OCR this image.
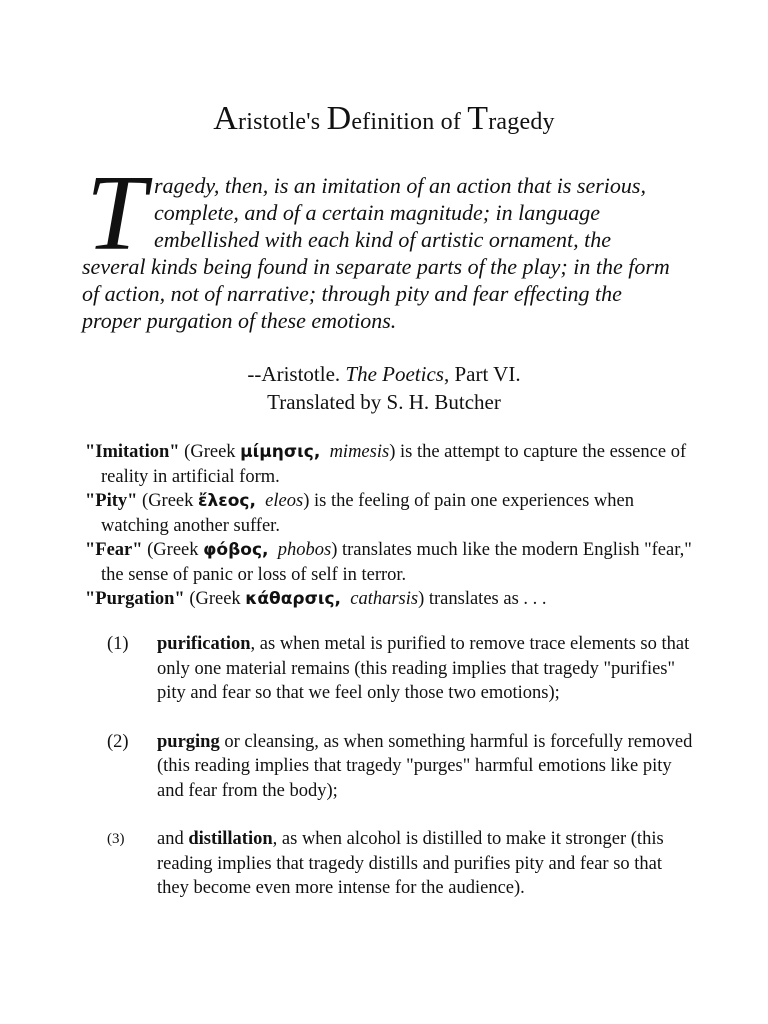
Aristotle's Definition of Tragedy
T ragedy, then, is an imitation of an action that is serious,
complete, and of a certain magnitude; in language
embellished with each kind of artistic ornament, the
several kinds being found in separate parts of the play; in the form
of action, not of narrative; through pity and fear effecting the
proper purgation of these emotions.
--Aristotle. The Poetics, Part VI.
Translated by S. H. Butcher

"Imitation" (Greek μίμησις, mimesis) is the attempt to capture the essence of reality in artificial form.

"Pity" (Greek ἔλεος, eleos) is the feeling of pain one experiences when watching another suffer.

"Fear" (Greek φόβος, phobos) translates much like the modern English "fear," the sense of panic or loss of self in terror.

"Purgation" (Greek κάθαρσις, catharsis) translates as . . .

(1)	purification, as when metal is purified to remove trace elements so that only one material remains (this reading implies that tragedy "purifies" pity and fear so that we feel only those two emotions);
(2)	purging or cleansing, as when something harmful is forcefully removed (this reading implies that tragedy "purges" harmful emotions like pity and fear from the body);
(3)	and distillation, as when alcohol is distilled to make it stronger (this reading implies that tragedy distills and purifies pity and fear so that they become even more intense for the audience).
